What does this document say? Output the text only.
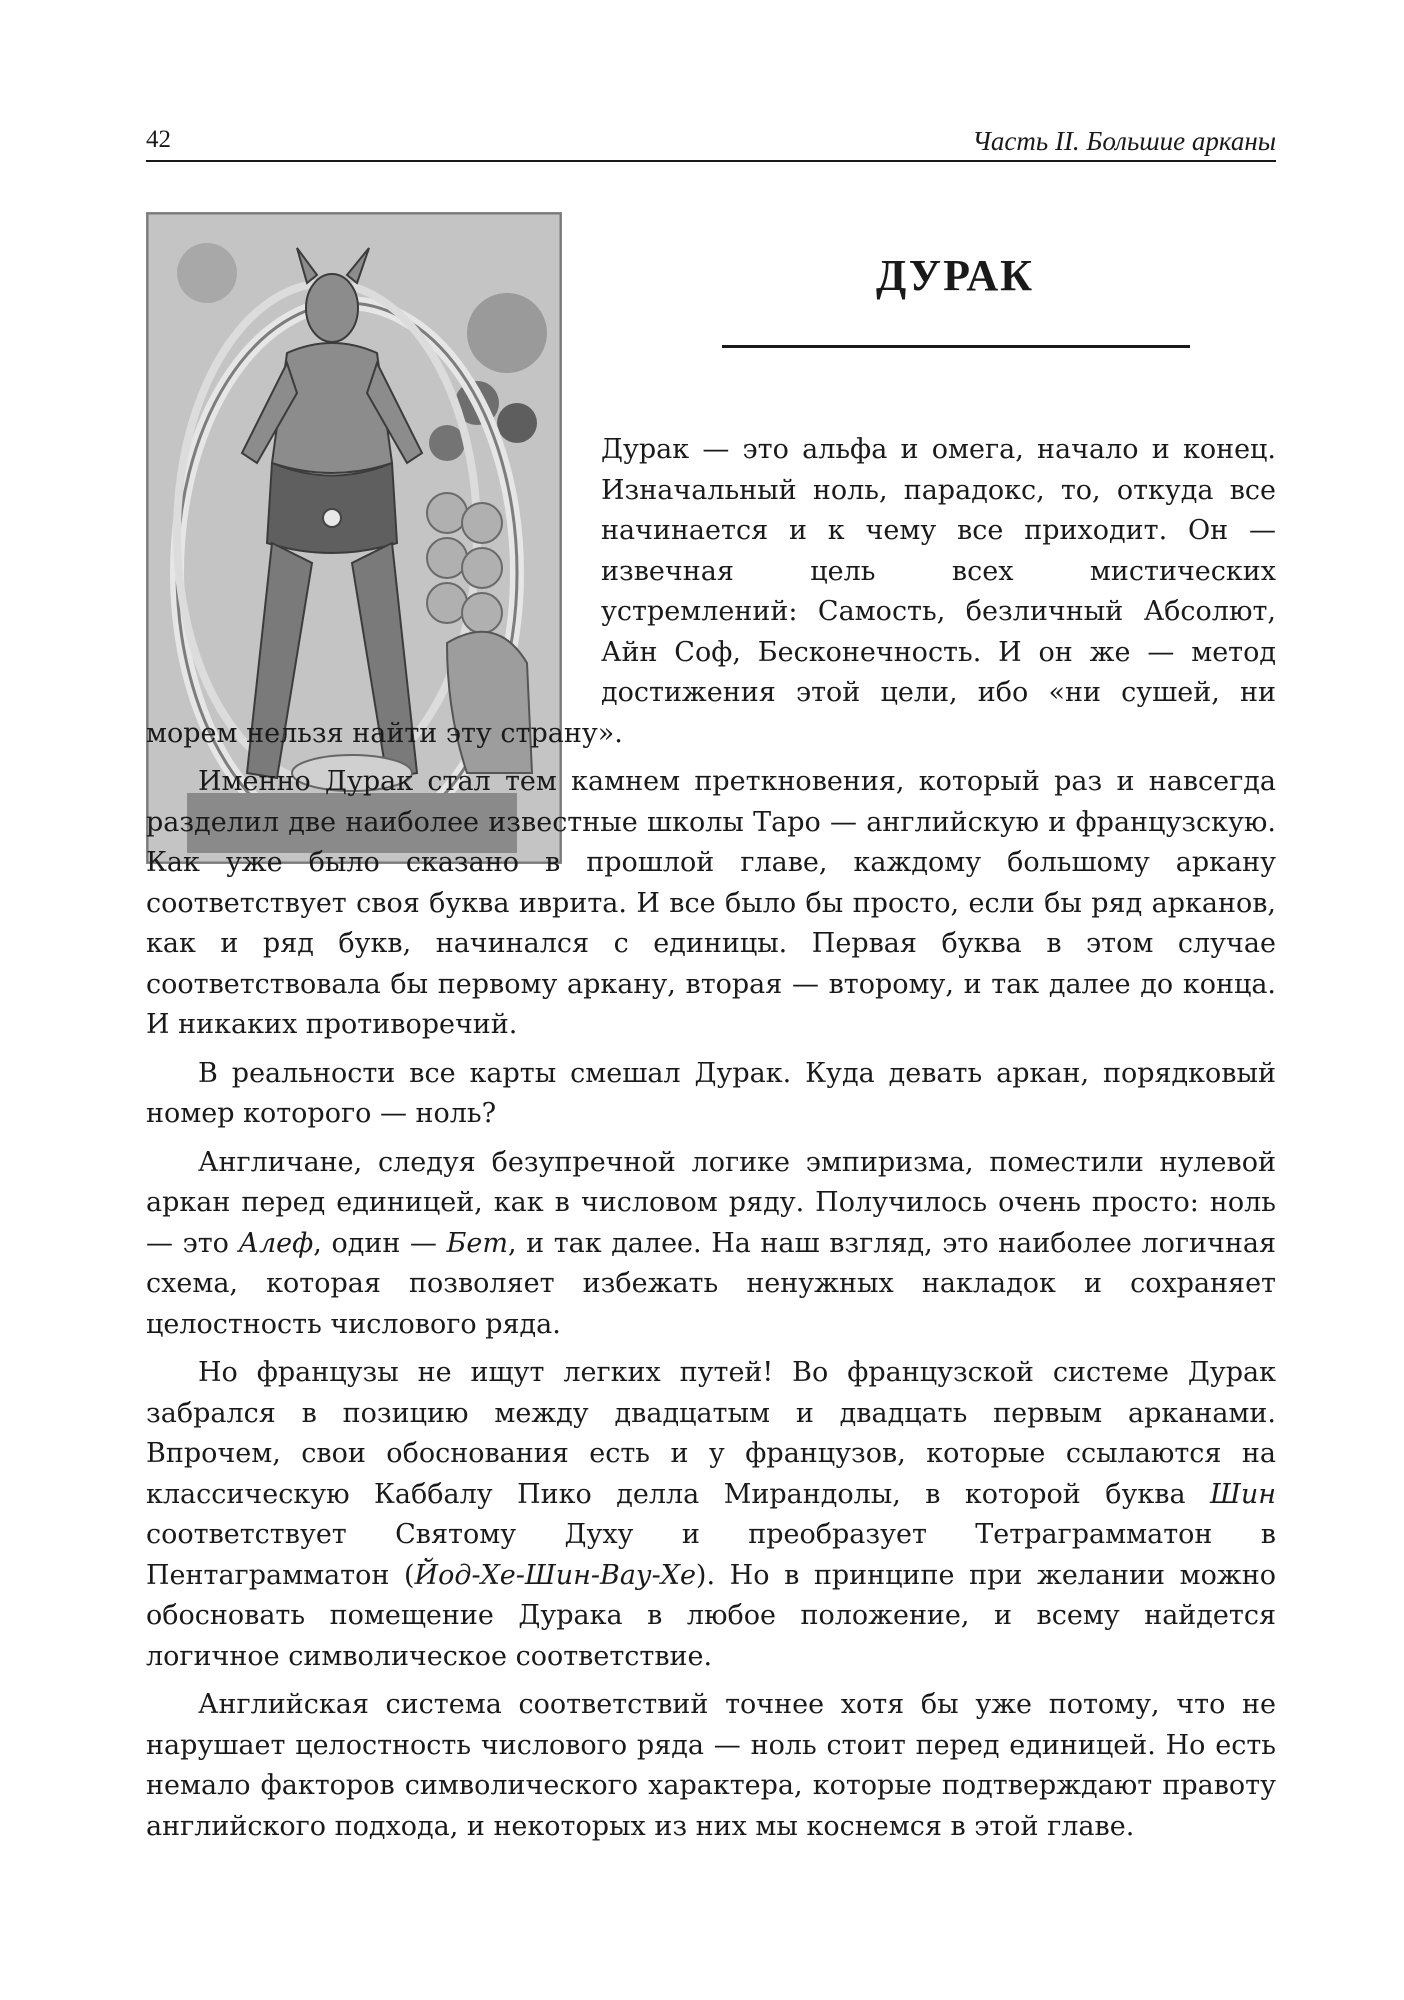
42	Часть II. Большие арканы
ДУРАК

Дурак — это альфа и омега, начало и конец. Изначальный ноль, парадокс, то, откуда все начинается и к чему все приходит. Он — извечная цель всех мистических устремлений: Самость, безличный Абсолют, Айн Соф, Бесконечность. И он же — метод достижения этой цели, ибо «ни сушей, ни морем нельзя найти эту страну».

Именно Дурак стал тем камнем преткновения, который раз и навсегда разделил две наиболее известные школы Таро — английскую и французскую. Как уже было сказано в прошлой главе, каждому большому аркану соответствует своя буква иврита. И все было бы просто, если бы ряд арканов, как и ряд букв, начинался с единицы. Первая буква в этом случае соответствовала бы первому аркану, вторая — второму, и так далее до конца. И никаких противоречий.

В реальности все карты смешал Дурак. Куда девать аркан, порядковый номер которого — ноль?

Англичане, следуя безупречной логике эмпиризма, поместили нулевой аркан перед единицей, как в числовом ряду. Получилось очень просто: ноль — это Алеф, один — Бет, и так далее. На наш взгляд, это наиболее логичная схема, которая позволяет избежать ненужных накладок и сохраняет целостность числового ряда.

Но французы не ищут легких путей! Во французской системе Дурак забрался в позицию между двадцатым и двадцать первым арканами. Впрочем, свои обоснования есть и у французов, которые ссылаются на классическую Каббалу Пико делла Мирандолы, в которой буква Шин соответствует Святому Духу и преобразует Тетраграмматон в Пентаграмматон (Йод-Хе-Шин-Вау-Хе). Но в принципе при желании можно обосновать помещение Дурака в любое положение, и всему найдется логичное символическое соответствие.

Английская система соответствий точнее хотя бы уже потому, что не нарушает целостность числового ряда — ноль стоит перед единицей. Но есть немало факторов символического характера, которые подтверждают правоту английского подхода, и некоторых из них мы коснемся в этой главе.
